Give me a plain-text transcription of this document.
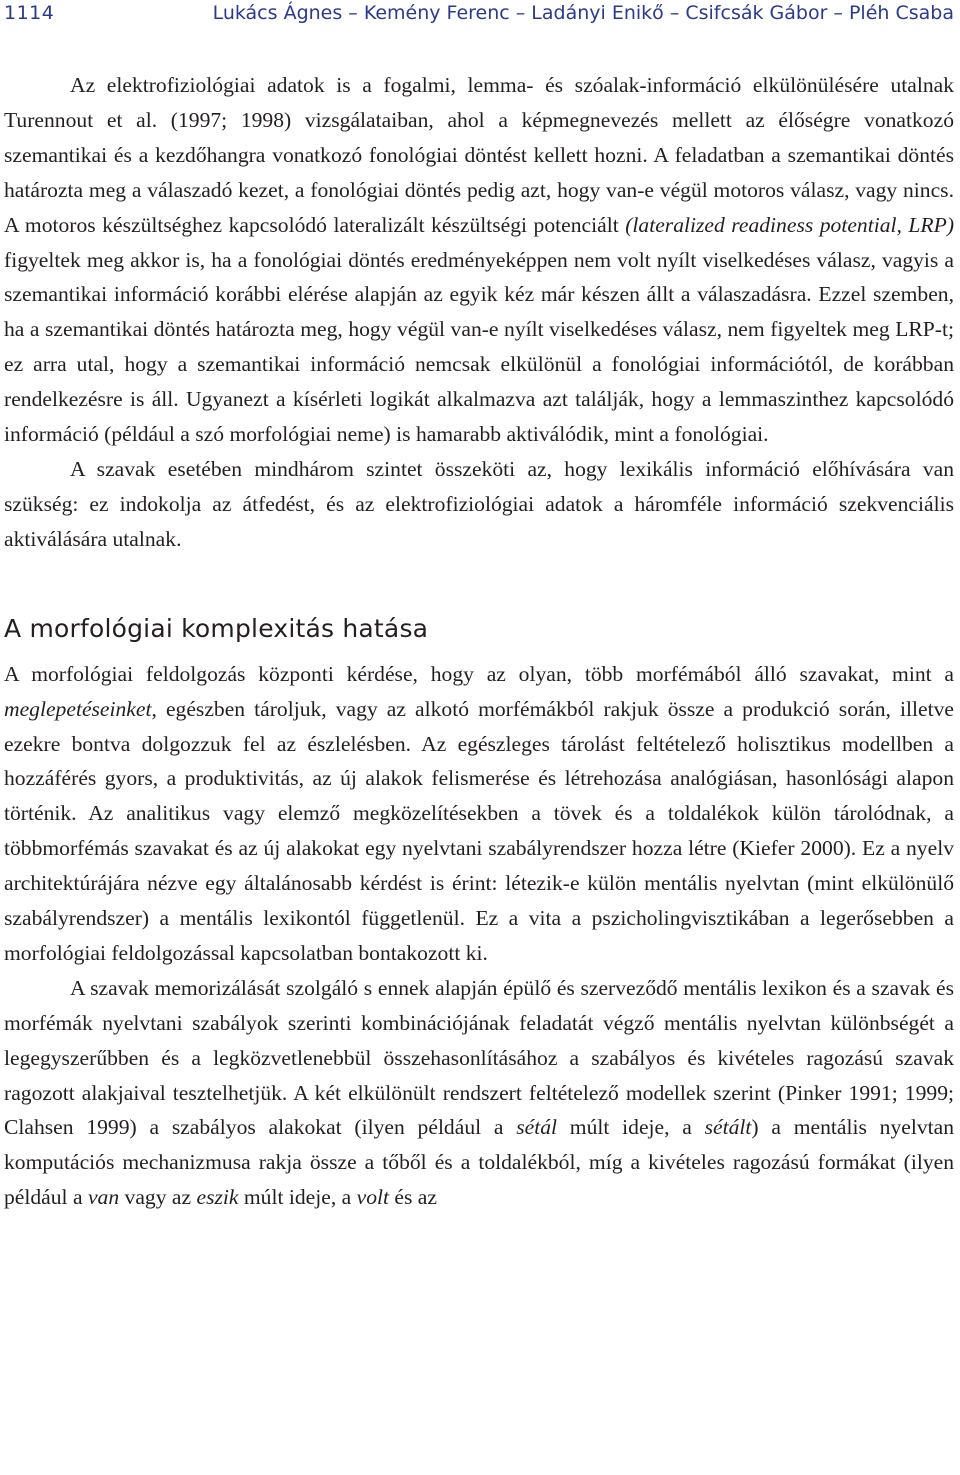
1114	Lukács Ágnes – Kemény Ferenc – Ladányi Enikő – Csifcsák Gábor – Pléh Csaba

Az elektrofiziológiai adatok is a fogalmi, lemma- és szóalak-információ elkülönülésére utalnak Turennout et al. (1997; 1998) vizsgálataiban, ahol a képmegnevezés mellett az élőségre vonatkozó szemantikai és a kezdőhangra vonatkozó fonológiai döntést kellett hozni. A feladatban a szemantikai döntés határozta meg a válaszadó kezet, a fonológiai döntés pedig azt, hogy van-e végül motoros válasz, vagy nincs. A motoros készültséghez kapcsolódó lateralizált készültségi potenciált (lateralized readiness potential, LRP) figyeltek meg akkor is, ha a fonológiai döntés eredményeképpen nem volt nyílt viselkedéses válasz, vagyis a szemantikai információ korábbi elérése alapján az egyik kéz már készen állt a válaszadásra. Ezzel szemben, ha a szemantikai döntés határozta meg, hogy végül van-e nyílt viselkedéses válasz, nem figyeltek meg LRP-t; ez arra utal, hogy a szemantikai információ nemcsak elkülönül a fonológiai információtól, de korábban rendelkezésre is áll. Ugyanezt a kísérleti logikát alkalmazva azt találják, hogy a lemmaszinthez kapcsolódó információ (például a szó morfológiai neme) is hamarabb aktiválódik, mint a fonológiai.

A szavak esetében mindhárom szintet összeköti az, hogy lexikális információ előhívására van szükség: ez indokolja az átfedést, és az elektrofiziológiai adatok a háromféle információ szekvenciális aktiválására utalnak.

A morfológiai komplexitás hatása

A morfológiai feldolgozás központi kérdése, hogy az olyan, több morfémából álló szavakat, mint a meglepetéseinket, egészben tároljuk, vagy az alkotó morfémákból rakjuk össze a produkció során, illetve ezekre bontva dolgozzuk fel az észlelésben. Az egészleges tárolást feltételező holisztikus modellben a hozzáférés gyors, a produktivitás, az új alakok felismerése és létrehozása analógiásan, hasonlósági alapon történik. Az analitikus vagy elemző megközelítésekben a tövek és a toldalékok külön tárolódnak, a többmorfémás szavakat és az új alakokat egy nyelvtani szabályrendszer hozza létre (Kiefer 2000). Ez a nyelv architektúrájára nézve egy általánosabb kérdést is érint: létezik-e külön mentális nyelvtan (mint elkülönülő szabályrendszer) a mentális lexikontól függetlenül. Ez a vita a pszicholingvisztikában a legerősebben a morfológiai feldolgozással kapcsolatban bontakozott ki.

A szavak memorizálását szolgáló s ennek alapján épülő és szerveződő mentális lexikon és a szavak és morfémák nyelvtani szabályok szerinti kombinációjának feladatát végző mentális nyelvtan különbségét a legegyszerűbben és a legközvetlenebbül összehasonlításához a szabályos és kivételes ragozású szavak ragozott alakjaival tesztelhetjük. A két elkülönült rendszert feltételező modellek szerint (Pinker 1991; 1999; Clahsen 1999) a szabályos alakokat (ilyen például a sétál múlt ideje, a sétált) a mentális nyelvtan komputációs mechanizmusa rakja össze a tőből és a toldalékból, míg a kivételes ragozású formákat (ilyen például a van vagy az eszik múlt ideje, a volt és az
